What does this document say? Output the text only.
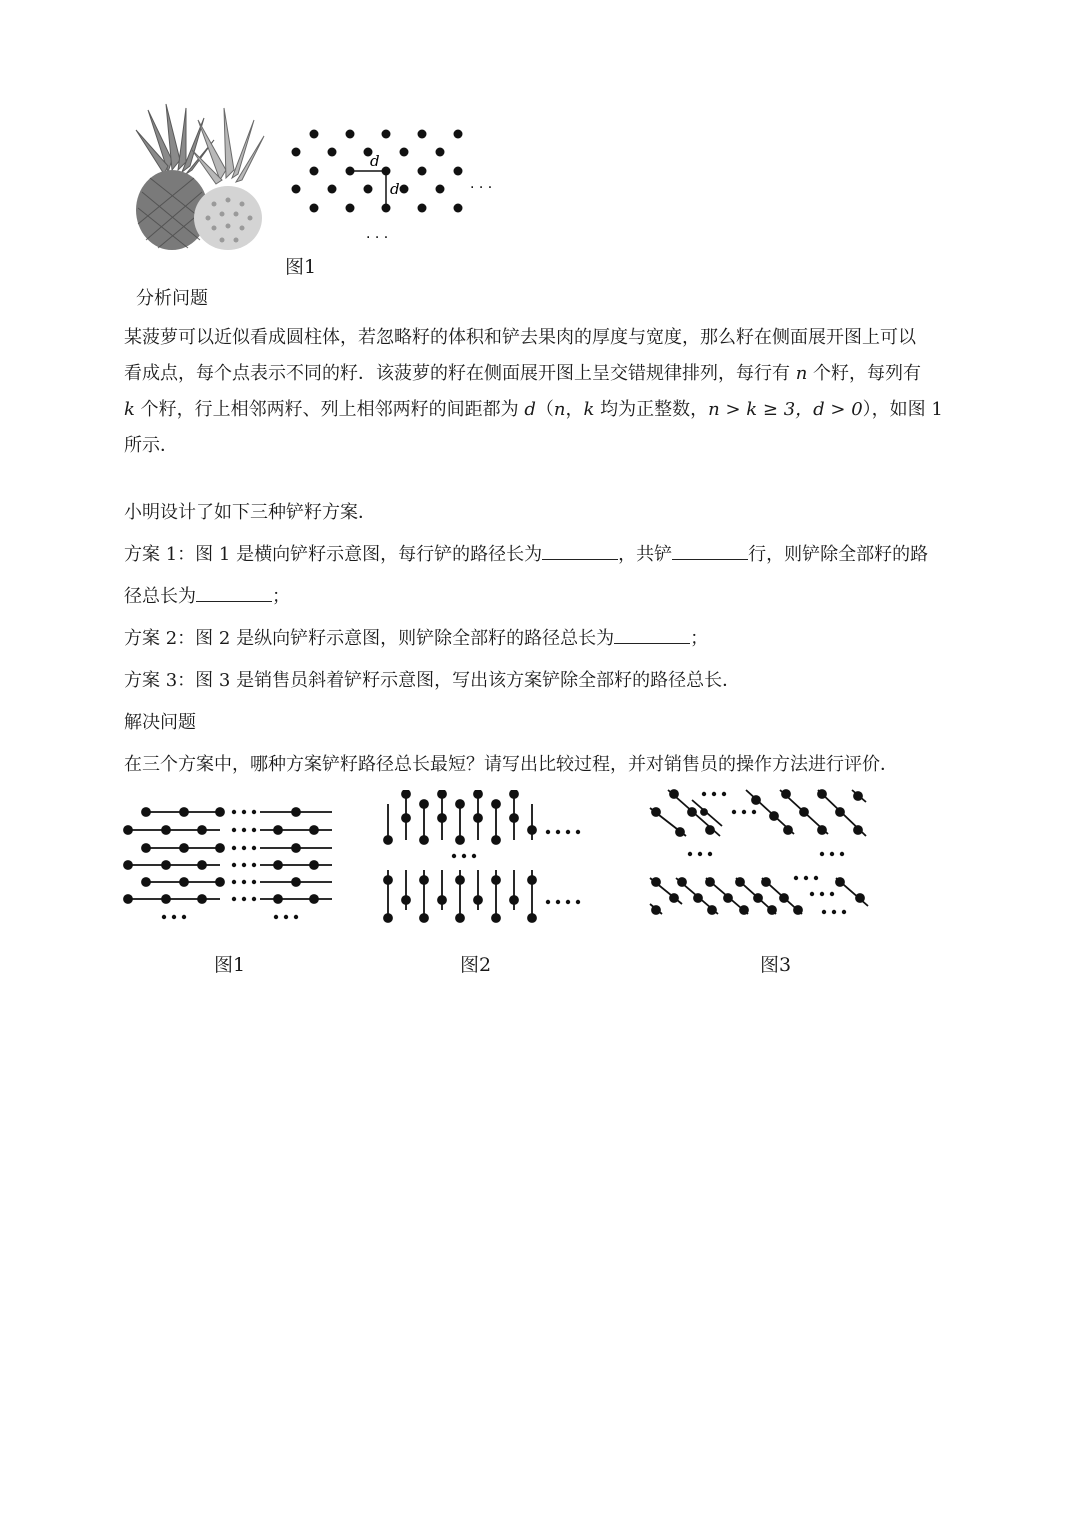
d
d	· · ·
· · ·
图1
分析问题
某菠萝可以近似看成圆柱体，若忽略籽的体积和铲去果肉的厚度与宽度，那么籽在侧面展开图上可以
看成点，每个点表示不同的籽．该菠萝的籽在侧面展开图上呈交错规律排列，每行有 n 个籽，每列有
k 个籽，行上相邻两籽、列上相邻两籽的间距都为 d（n，k 均为正整数，n > k ≥ 3，d > 0），如图 1
所示．
小明设计了如下三种铲籽方案．
方案 1：图 1 是横向铲籽示意图，每行铲的路径长为	，共铲	行，则铲除全部籽的路
径总长为	；
方案 2：图 2 是纵向铲籽示意图，则铲除全部籽的路径总长为	；
方案 3：图 3 是销售员斜着铲籽示意图，写出该方案铲除全部籽的路径总长．
解决问题
在三个方案中，哪种方案铲籽路径总长最短？请写出比较过程，并对销售员的操作方法进行评价．
图1	图2	图3
